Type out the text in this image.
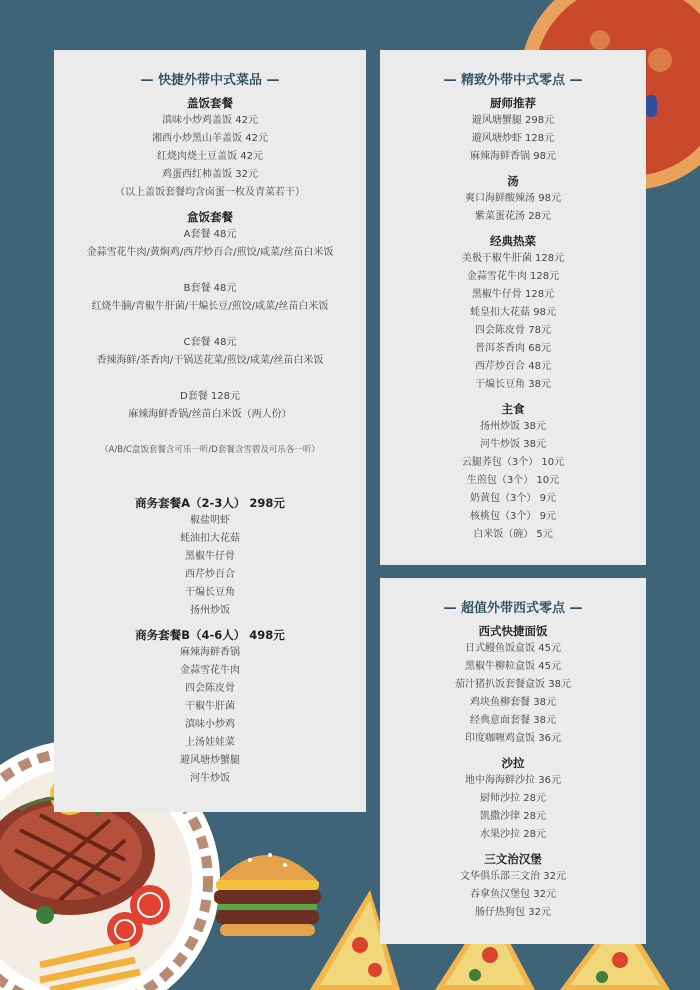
— 快捷外带中式菜品 —
盖饭套餐
滇味小炒鸡盖饭 42元
湘西小炒黑山羊盖饭 42元
红烧肉烧土豆盖饭 42元
鸡蛋西红柿盖饭 32元
（以上盖饭套餐均含卤蛋一枚及青菜若干）
盒饭套餐
A套餐 48元
金蒜雪花牛肉/黄焖鸡/西芹炒百合/煎饺/咸菜/丝苗白米饭
B套餐 48元
红烧牛腩/青椒牛肝菌/干煸长豆/煎饺/咸菜/丝苗白米饭
C套餐 48元
香辣海鲜/茶香肉/干锅送花菜/煎饺/咸菜/丝苗白米饭
D套餐 128元
麻辣海鲜香锅/丝苗白米饭（两人份）
（A/B/C盒饭套餐含可乐一听/D套餐含雪碧及可乐各一听）
商务套餐A（2-3人） 298元
椒盐明虾
蚝油扣大花菇
黑椒牛仔骨
西芹炒百合
干煸长豆角
扬州炒饭
商务套餐B（4-6人） 498元
麻辣海鲜香锅
金蒜雪花牛肉
四会陈皮骨
干椒牛肝菌
滇味小炒鸡
上汤娃娃菜
避风塘炒蟹腿
河牛炒饭
— 精致外带中式零点 —
厨师推荐
避风塘蟹腿 298元
避风塘炒虾 128元
麻辣海鲜香锅 98元
汤
爽口海鲜酸辣汤 98元
紫菜蛋花汤 28元
经典热菜
美极干椒牛肝菌 128元
金蒜雪花牛肉 128元
黑椒牛仔骨 128元
蚝皇扣大花菇 98元
四会陈皮骨 78元
普洱茶香肉 68元
西芹炒百合 48元
干煸长豆角 38元
主食
扬州炒饭 38元
河牛炒饭 38元
云腿荞包（3个） 10元
生煎包（3个） 10元
奶黄包（3个） 9元
核桃包（3个） 9元
白米饭（碗） 5元
— 超值外带西式零点 —
西式快捷面饭
日式鳗鱼饭盒饭 45元
黑椒牛柳粒盒饭 45元
茄汁猪扒饭套餐盒饭 38元
鸡块鱼柳套餐 38元
经典意面套餐 38元
印度咖喱鸡盒饭 36元
沙拉
地中海海鲜沙拉 36元
厨师沙拉 28元
凯撒沙律 28元
水果沙拉 28元
三文治汉堡
文华俱乐部三文治 32元
吞拿鱼汉堡包 32元
肠仔热狗包 32元
